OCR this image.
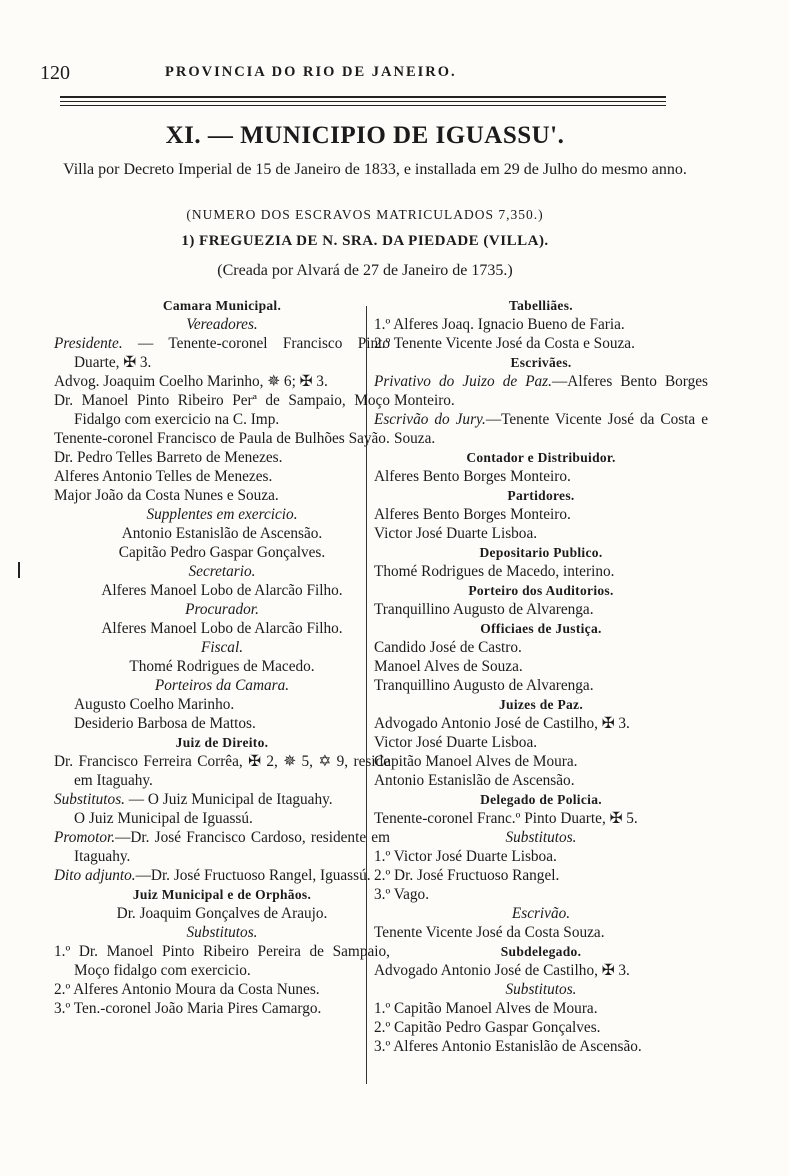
120	PROVINCIA DO RIO DE JANEIRO.
XI. — MUNICIPIO DE IGUASSU'.
Villa por Decreto Imperial de 15 de Janeiro de 1833, e installada em 29 de Julho do mesmo anno.
(NUMERO DOS ESCRAVOS MATRICULADOS 7,350.)
1) FREGUEZIA DE N. SRA. DA PIEDADE (VILLA).
(Creada por Alvará de 27 de Janeiro de 1735.)
Camara Municipal.
Vereadores.
Presidente. — Tenente-coronel Francisco Pinto Duarte, ✠ 3.
Advog. Joaquim Coelho Marinho, ✵ 6; ✠ 3.
Dr. Manoel Pinto Ribeiro Perª de Sampaio, Moço Fidalgo com exercicio na C. Imp.
Tenente-coronel Francisco de Paula de Bulhões Sayão.
Dr. Pedro Telles Barreto de Menezes.
Alferes Antonio Telles de Menezes.
Major João da Costa Nunes e Souza.
Supplentes em exercicio.
Antonio Estanislão de Ascensão.
Capitão Pedro Gaspar Gonçalves.
Secretario.
Alferes Manoel Lobo de Alarcão Filho.
Procurador.
Alferes Manoel Lobo de Alarcão Filho.
Fiscal.
Thomé Rodrigues de Macedo.
Porteiros da Camara.
Augusto Coelho Marinho.
Desiderio Barbosa de Mattos.
Juiz de Direito.
Dr. Francisco Ferreira Corrêa, ✠ 2, ✵ 5, ✡ 9, reside em Itaguahy.
Substitutos. — O Juiz Municipal de Itaguahy.
O Juiz Municipal de Iguassú.
Promotor.—Dr. José Francisco Cardoso, residente em Itaguahy.
Dito adjunto.—Dr. José Fructuoso Rangel, Iguassú.
Juiz Municipal e de Orphãos.
Dr. Joaquim Gonçalves de Araujo.
Substitutos.
1.º Dr. Manoel Pinto Ribeiro Pereira de Sampaio, Moço fidalgo com exercicio.
2.º Alferes Antonio Moura da Costa Nunes.
3.º Ten.-coronel João Maria Pires Camargo.
Tabelliães.
1.º Alferes Joaq. Ignacio Bueno de Faria.
2.º Tenente Vicente José da Costa e Souza.
Escrivães.
Privativo do Juizo de Paz.—Alferes Bento Borges Monteiro.
Escrivão do Jury.—Tenente Vicente José da Costa e Souza.
Contador e Distribuidor.
Alferes Bento Borges Monteiro.
Partidores.
Alferes Bento Borges Monteiro.
Victor José Duarte Lisboa.
Depositario Publico.
Thomé Rodrigues de Macedo, interino.
Porteiro dos Auditorios.
Tranquillino Augusto de Alvarenga.
Officiaes de Justiça.
Candido José de Castro.
Manoel Alves de Souza.
Tranquillino Augusto de Alvarenga.
Juizes de Paz.
Advogado Antonio José de Castilho, ✠ 3.
Victor José Duarte Lisboa.
Capitão Manoel Alves de Moura.
Antonio Estanislão de Ascensão.
Delegado de Policia.
Tenente-coronel Franc.º Pinto Duarte, ✠ 5.
Substitutos.
1.º Victor José Duarte Lisboa.
2.º Dr. José Fructuoso Rangel.
3.º Vago.
Escrivão.
Tenente Vicente José da Costa Souza.
Subdelegado.
Advogado Antonio José de Castilho, ✠ 3.
Substitutos.
1.º Capitão Manoel Alves de Moura.
2.º Capitão Pedro Gaspar Gonçalves.
3.º Alferes Antonio Estanislão de Ascensão.
